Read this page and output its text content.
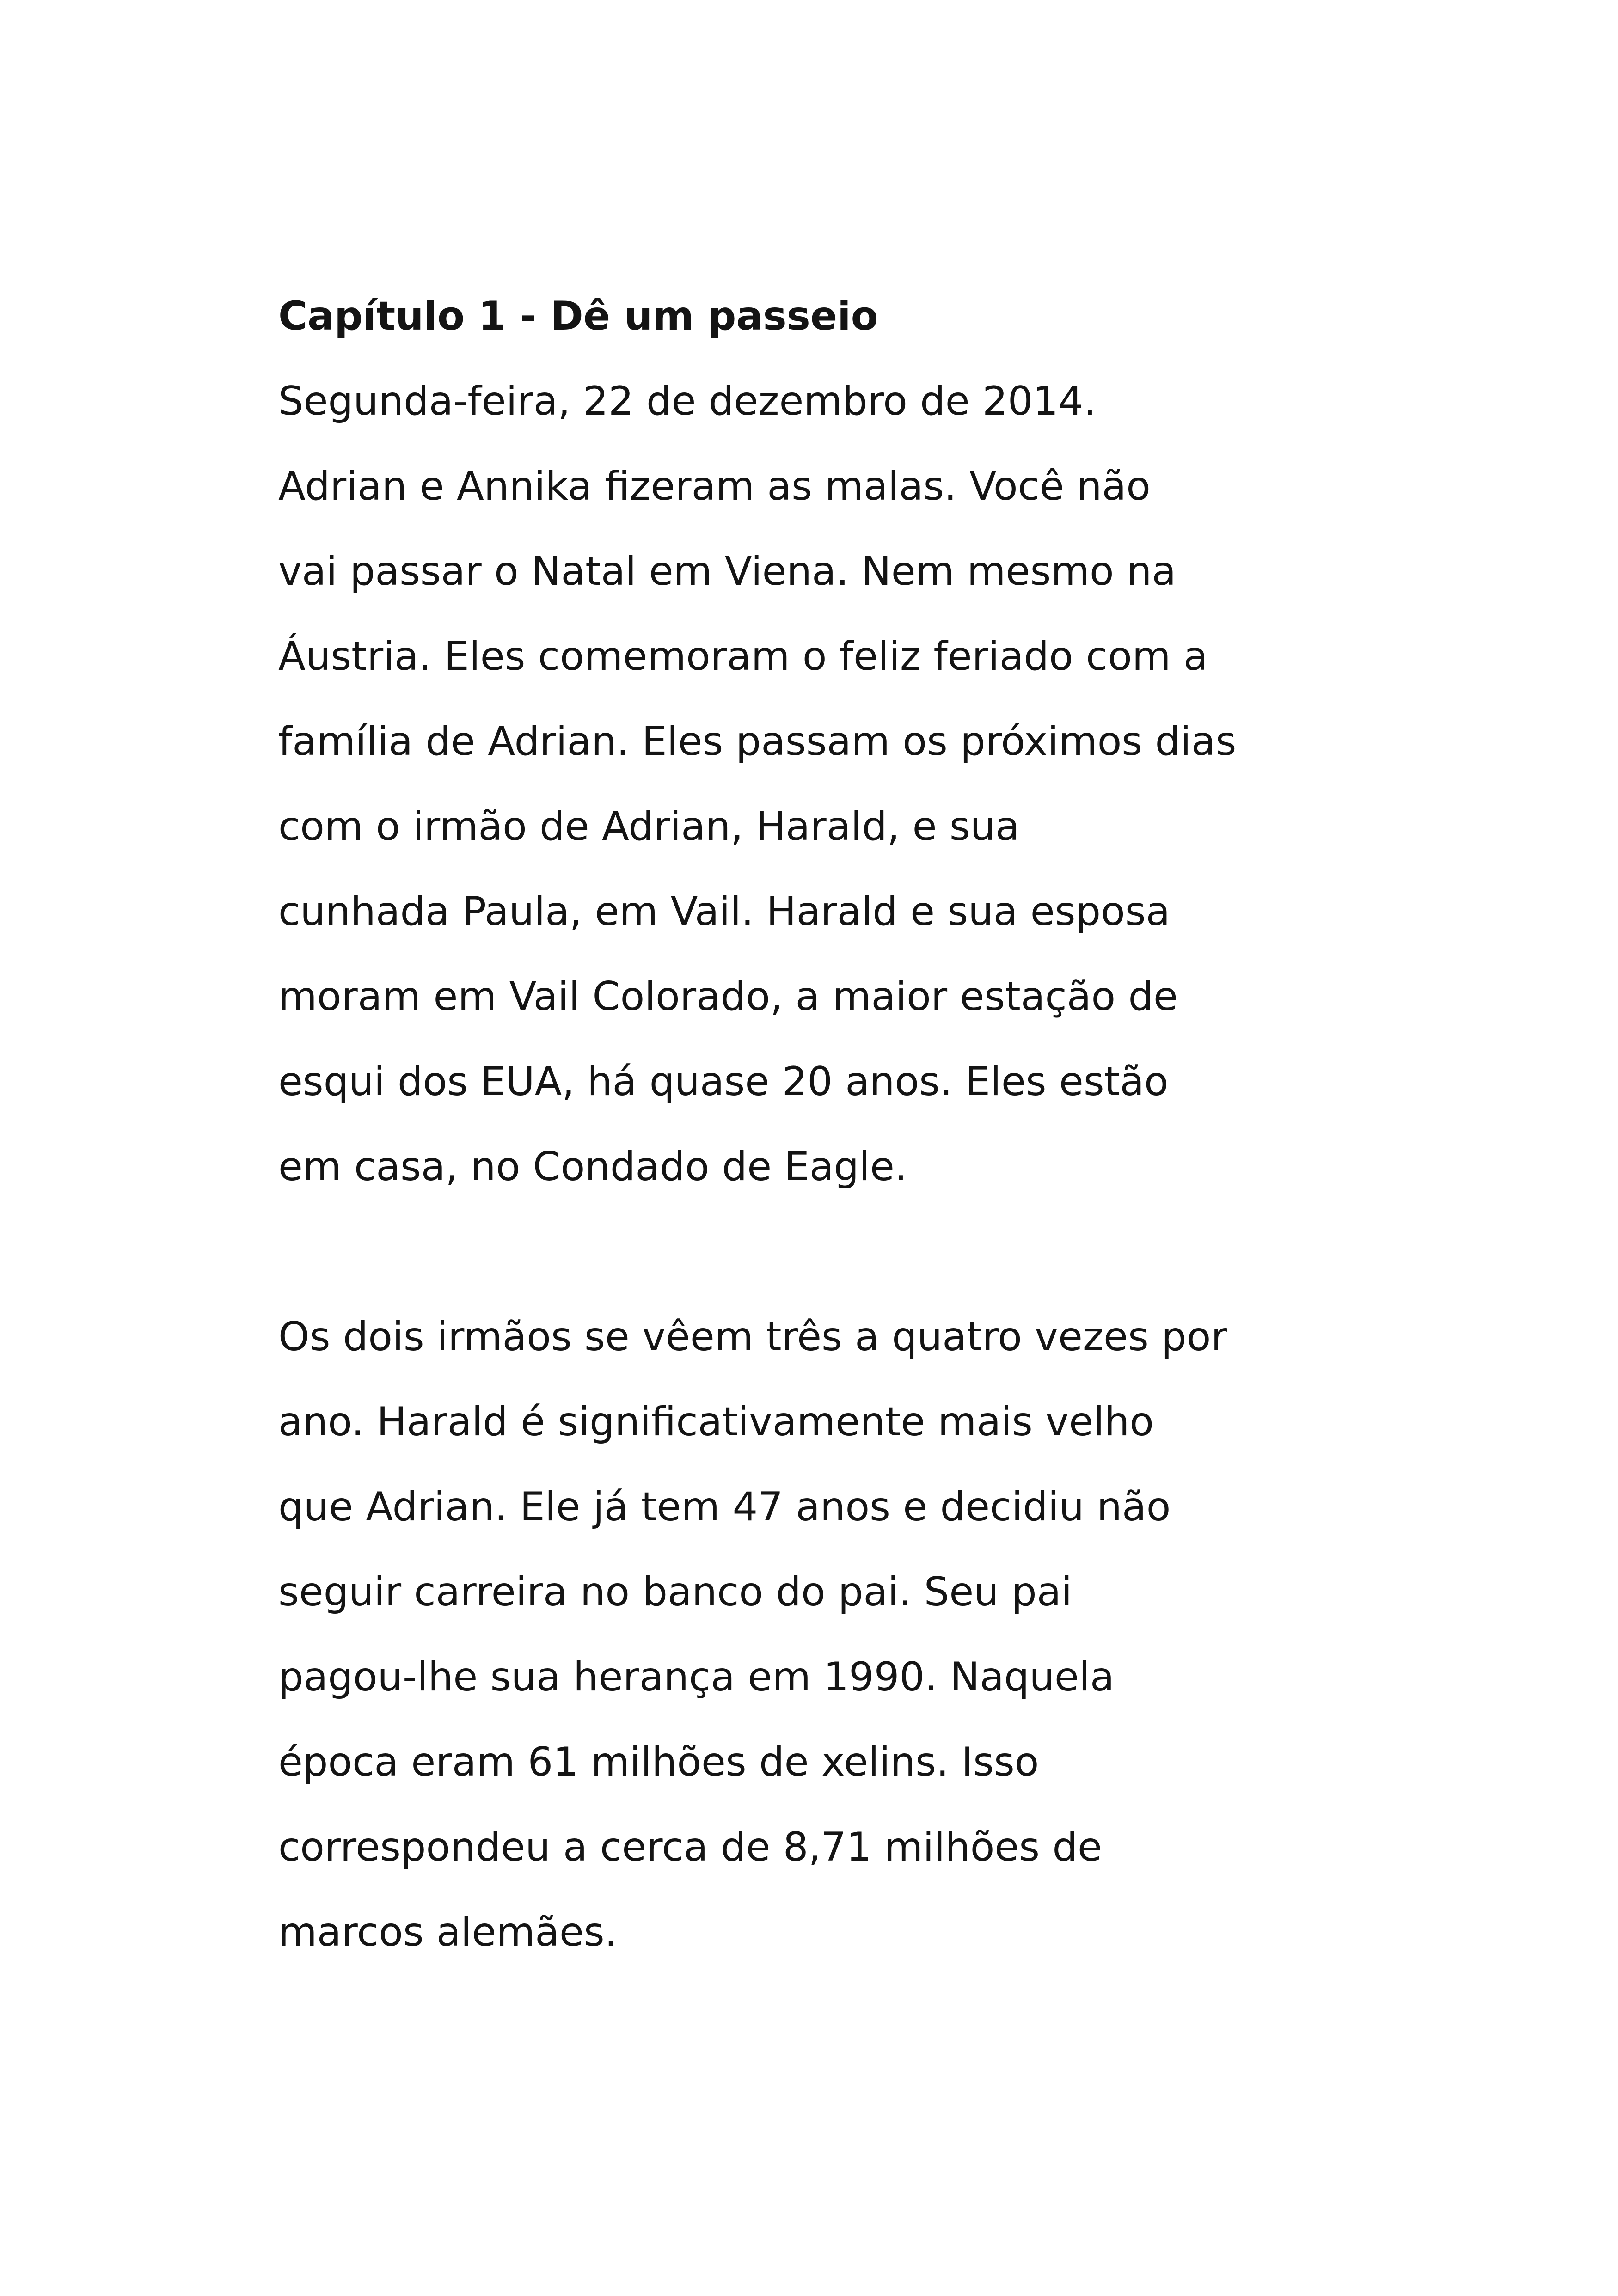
Capítulo 1 - Dê um passeio
Segunda-feira, 22 de dezembro de 2014.
Adrian e Annika fizeram as malas. Você não
vai passar o Natal em Viena. Nem mesmo na
Áustria. Eles comemoram o feliz feriado com a
família de Adrian. Eles passam os próximos dias
com o irmão de Adrian, Harald, e sua
cunhada Paula, em Vail. Harald e sua esposa
moram em Vail Colorado, a maior estação de
esqui dos EUA, há quase 20 anos. Eles estão
em casa, no Condado de Eagle.
Os dois irmãos se vêem três a quatro vezes por
ano. Harald é significativamente mais velho
que Adrian. Ele já tem 47 anos e decidiu não
seguir carreira no banco do pai. Seu pai
pagou-lhe sua herança em 1990. Naquela
época eram 61 milhões de xelins. Isso
correspondeu a cerca de 8,71 milhões de
marcos alemães.
